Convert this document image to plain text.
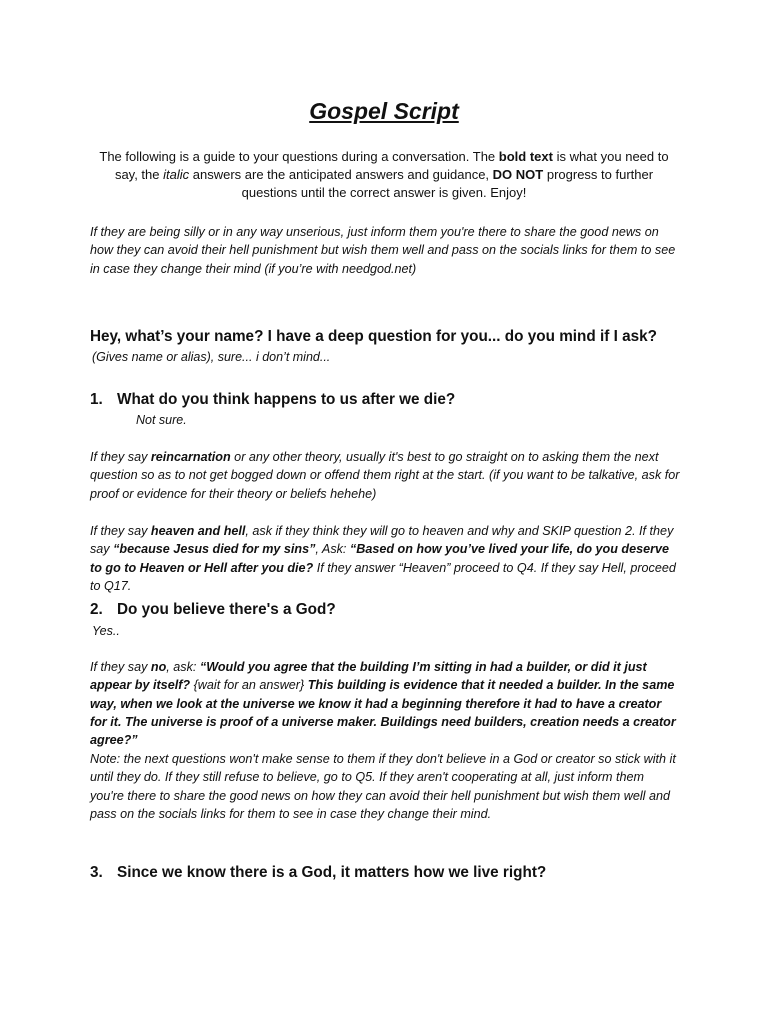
Gospel Script

The following is a guide to your questions during a conversation. The bold text is what you need to say, the italic answers are the anticipated answers and guidance, DO NOT progress to further questions until the correct answer is given. Enjoy!

If they are being silly or in any way unserious, just inform them you're there to share the good news on how they can avoid their hell punishment but wish them well and pass on the socials links for them to see in case they change their mind (if you’re with needgod.net)

Hey, what’s your name? I have a deep question for you... do you mind if I ask?

(Gives name or alias), sure... i don’t mind...

1. What do you think happens to us after we die?

Not sure.

If they say reincarnation or any other theory, usually it's best to go straight on to asking them the next question so as to not get bogged down or offend them right at the start. (if you want to be talkative, ask for proof or evidence for their theory or beliefs hehehe)

If they say heaven and hell, ask if they think they will go to heaven and why and SKIP question 2. If they say “because Jesus died for my sins”, Ask: “Based on how you’ve lived your life, do you deserve to go to Heaven or Hell after you die? If they answer “Heaven” proceed to Q4. If they say Hell, proceed to Q17.

2. Do you believe there's a God?

Yes..

If they say no, ask: “Would you agree that the building I’m sitting in had a builder, or did it just appear by itself? {wait for an answer} This building is evidence that it needed a builder. In the same way, when we look at the universe we know it had a beginning therefore it had to have a creator for it. The universe is proof of a universe maker. Buildings need builders, creation needs a creator agree?”

Note: the next questions won't make sense to them if they don't believe in a God or creator so stick with it until they do. If they still refuse to believe, go to Q5. If they aren't cooperating at all, just inform them you're there to share the good news on how they can avoid their hell punishment but wish them well and pass on the socials links for them to see in case they change their mind.

3. Since we know there is a God, it matters how we live right?
